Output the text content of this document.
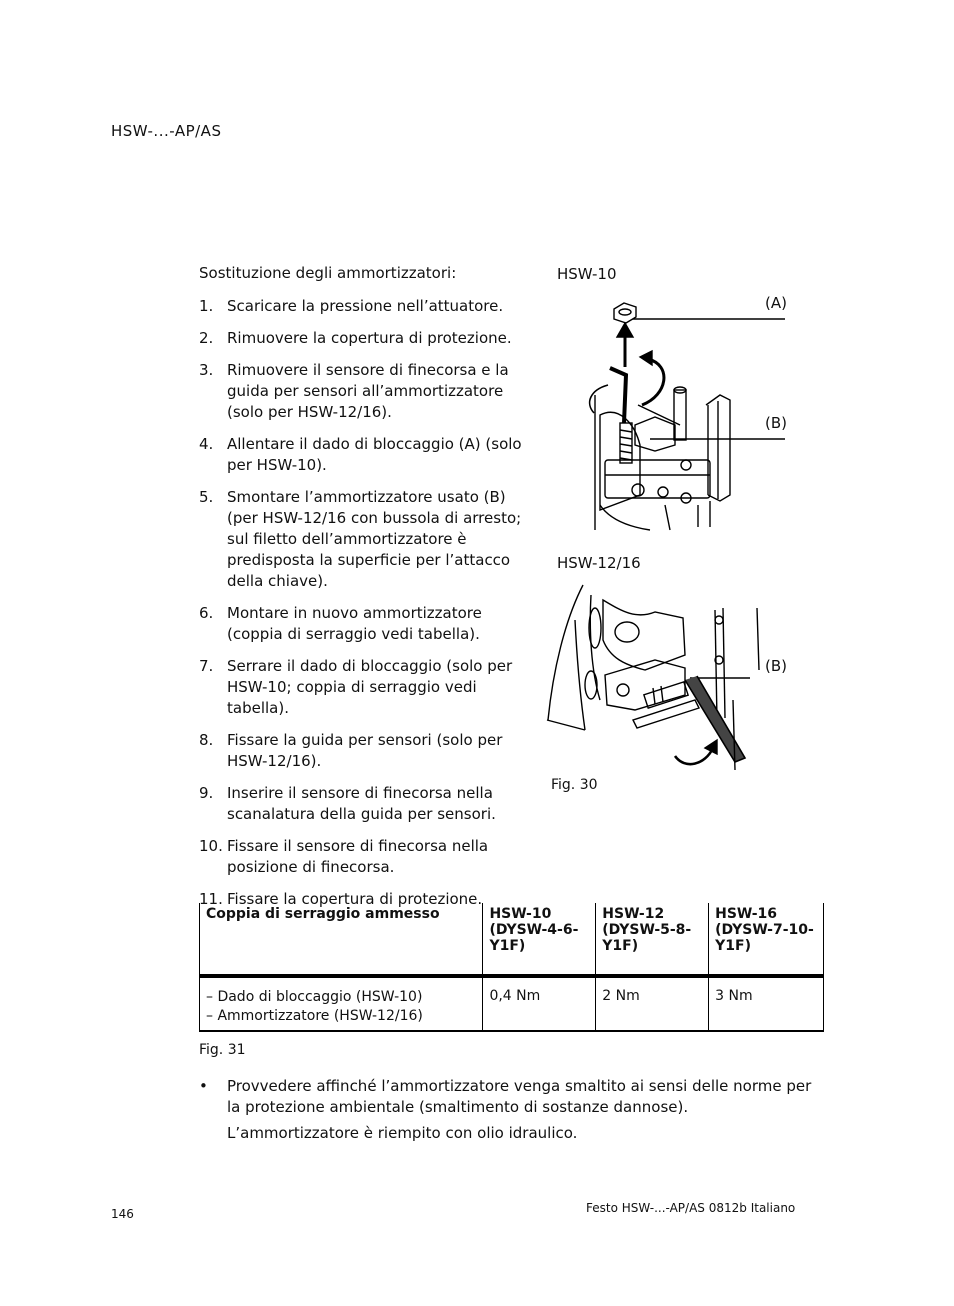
HSW-...-AP/AS
Sostituzione degli ammortizzatori:
1. Scaricare la pressione nell’attuatore.
2. Rimuovere la copertura di protezione.
3. Rimuovere il sensore di finecorsa e la guida per sensori all’ammortizzatore (solo per HSW-12/16).
4. Allentare il dado di bloccaggio (A) (solo per HSW-10).
5. Smontare l’ammortizzatore usato (B) (per HSW-12/16 con bussola di arresto; sul filetto dell’ammortizzatore è predisposta la superficie per l’attacco della chiave).
6. Montare in nuovo ammortizzatore (coppia di serraggio vedi tabella).
7. Serrare il dado di bloccaggio (solo per HSW-10; coppia di serraggio vedi tabella).
8. Fissare la guida per sensori (solo per HSW-12/16).
9. Inserire il sensore di finecorsa nella scanalatura della guida per sensori.
10. Fissare il sensore di finecorsa nella posizione di finecorsa.
11. Fissare la copertura di protezione.
HSW-10
(A)
(B)
HSW-12/16
(B)
Fig. 30
Coppia di serraggio ammesso	HSW-10 (DYSW-4-6-Y1F)	HSW-12 (DYSW-5-8-Y1F)	HSW-16 (DYSW-7-10-Y1F)

– Dado di bloccaggio (HSW-10)
– Ammortizzatore (HSW-12/16)	0,4 Nm	2 Nm	3 Nm
Fig. 31
• Provvedere affinché l’ammortizzatore venga smaltito ai sensi delle norme per la protezione ambientale (smaltimento di sostanze dannose).
L’ammortizzatore è riempito con olio idraulico.
146	Festo HSW-...-AP/AS 0812b Italiano
